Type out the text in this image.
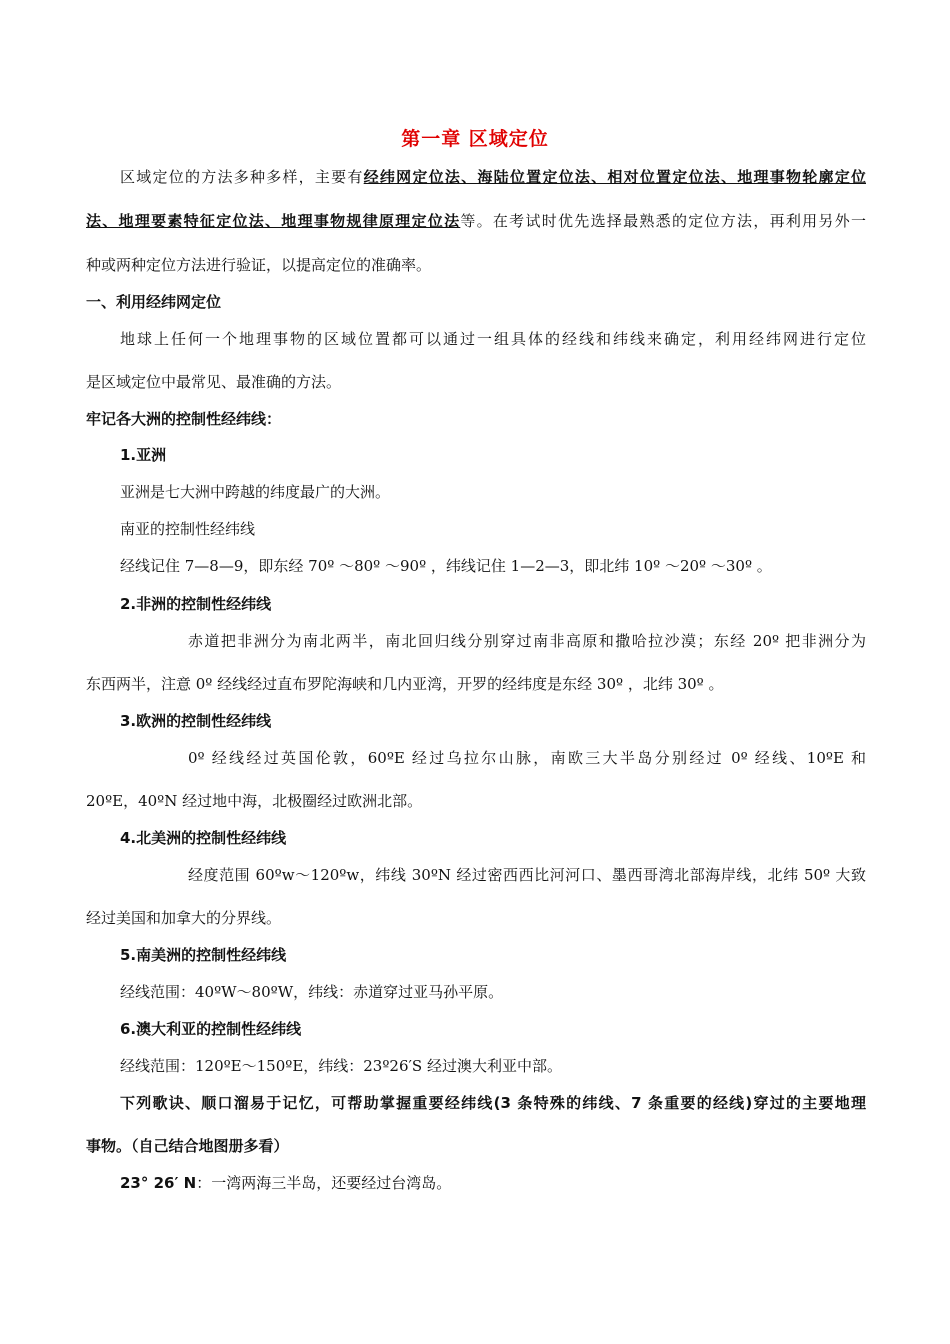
第一章 区域定位
区域定位的方法多种多样，主要有经纬网定位法、海陆位置定位法、相对位置定位法、地理事物轮廓定位
法、地理要素特征定位法、地理事物规律原理定位法等。在考试时优先选择最熟悉的定位方法，再利用另外一
种或两种定位方法进行验证，以提高定位的准确率。
一、利用经纬网定位
地球上任何一个地理事物的区域位置都可以通过一组具体的经线和纬线来确定，利用经纬网进行定位
是区域定位中最常见、最准确的方法。
牢记各大洲的控制性经纬线：
1.亚洲
亚洲是七大洲中跨越的纬度最广的大洲。
南亚的控制性经纬线
经线记住 7—8—9，即东经 70º ～80º ～90º ，纬线记住 1—2—3，即北纬 10º ～20º ～30º 。
2.非洲的控制性经纬线
赤道把非洲分为南北两半，南北回归线分别穿过南非高原和撒哈拉沙漠；东经 20º 把非洲分为
东西两半，注意 0º 经线经过直布罗陀海峡和几内亚湾，开罗的经纬度是东经 30º ，北纬 30º 。
3.欧洲的控制性经纬线
0º 经线经过英国伦敦，60ºE 经过乌拉尔山脉，南欧三大半岛分别经过 0º 经线、10ºE 和
20ºE，40ºN 经过地中海，北极圈经过欧洲北部。
4.北美洲的控制性经纬线
经度范围 60ºw～120ºw，纬线 30ºN 经过密西西比河河口、墨西哥湾北部海岸线，北纬 50º 大致
经过美国和加拿大的分界线。
5.南美洲的控制性经纬线
经线范围：40ºW～80ºW，纬线：赤道穿过亚马孙平原。
6.澳大利亚的控制性经纬线
经线范围：120ºE～150ºE，纬线：23º26′S 经过澳大利亚中部。
下列歌诀、顺口溜易于记忆，可帮助掌握重要经纬线(3 条特殊的纬线、7 条重要的经线)穿过的主要地理
事物。（自己结合地图册多看）
23° 26′ N：一湾两海三半岛，还要经过台湾岛。
